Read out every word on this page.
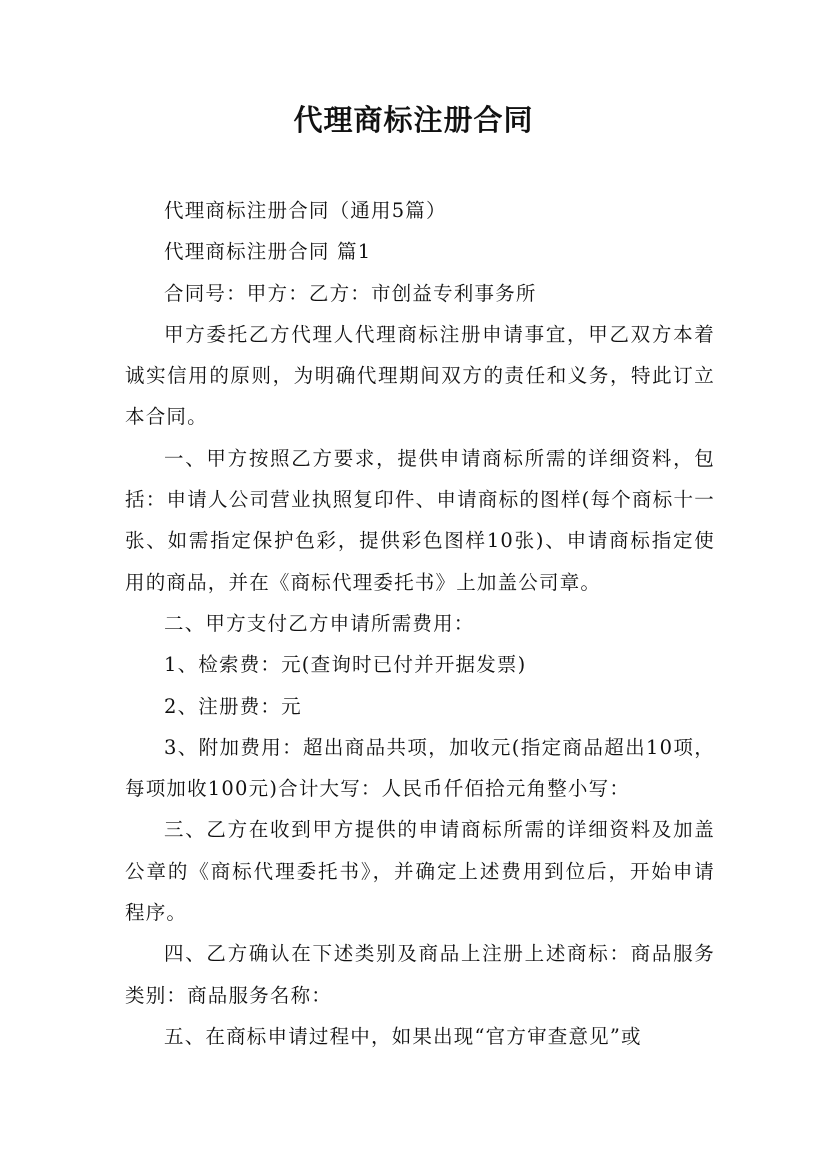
代理商标注册合同

代理商标注册合同（通用5篇）

代理商标注册合同 篇1

合同号：甲方：乙方：市创益专利事务所

甲方委托乙方代理人代理商标注册申请事宜，甲乙双方本着诚实信用的原则，为明确代理期间双方的责任和义务，特此订立本合同。

一、甲方按照乙方要求，提供申请商标所需的详细资料，包括：申请人公司营业执照复印件、申请商标的图样(每个商标十一张、如需指定保护色彩，提供彩色图样10张)、申请商标指定使用的商品，并在《商标代理委托书》上加盖公司章。

二、甲方支付乙方申请所需费用：

1、检索费：元(查询时已付并开据发票)

2、注册费：元

3、附加费用：超出商品共项，加收元(指定商品超出10项，每项加收100元)合计大写：人民币仟佰拾元角整小写：

三、乙方在收到甲方提供的申请商标所需的详细资料及加盖公章的《商标代理委托书》，并确定上述费用到位后，开始申请程序。

四、乙方确认在下述类别及商品上注册上述商标：商品服务类别：商品服务名称：

五、在商标申请过程中，如果出现“官方审查意见”或
